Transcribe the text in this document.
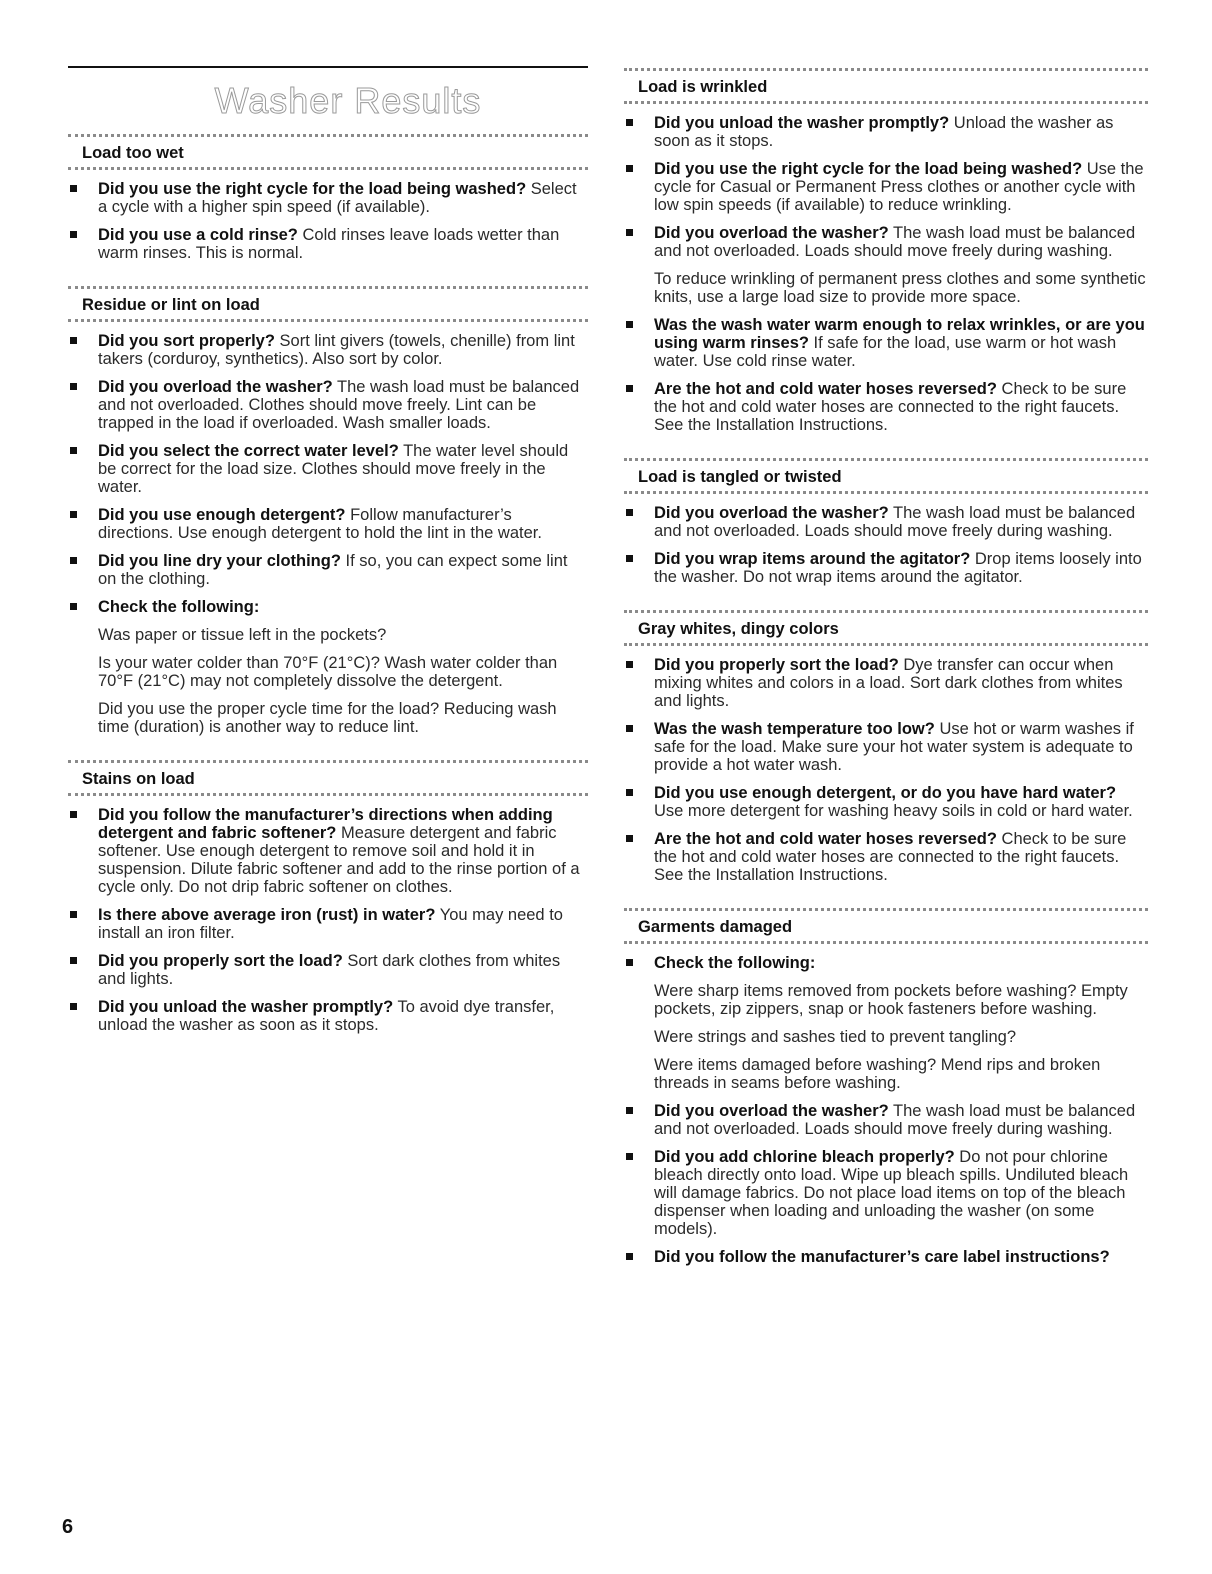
Washer Results
Load too wet
Did you use the right cycle for the load being washed? Select a cycle with a higher spin speed (if available).
Did you use a cold rinse? Cold rinses leave loads wetter than warm rinses. This is normal.
Residue or lint on load
Did you sort properly? Sort lint givers (towels, chenille) from lint takers (corduroy, synthetics). Also sort by color.
Did you overload the washer? The wash load must be balanced and not overloaded. Clothes should move freely. Lint can be trapped in the load if overloaded. Wash smaller loads.
Did you select the correct water level? The water level should be correct for the load size. Clothes should move freely in the water.
Did you use enough detergent? Follow manufacturer’s directions. Use enough detergent to hold the lint in the water.
Did you line dry your clothing? If so, you can expect some lint on the clothing.
Check the following:

Was paper or tissue left in the pockets?

Is your water colder than 70°F (21°C)? Wash water colder than 70°F (21°C) may not completely dissolve the detergent.

Did you use the proper cycle time for the load? Reducing wash time (duration) is another way to reduce lint.

Stains on load
Did you follow the manufacturer’s directions when adding detergent and fabric softener? Measure detergent and fabric softener. Use enough detergent to remove soil and hold it in suspension. Dilute fabric softener and add to the rinse portion of a cycle only. Do not drip fabric softener on clothes.
Is there above average iron (rust) in water? You may need to install an iron filter.
Did you properly sort the load? Sort dark clothes from whites and lights.
Did you unload the washer promptly? To avoid dye transfer, unload the washer as soon as it stops.
Load is wrinkled
Did you unload the washer promptly? Unload the washer as soon as it stops.
Did you use the right cycle for the load being washed? Use the cycle for Casual or Permanent Press clothes or another cycle with low spin speeds (if available) to reduce wrinkling.
Did you overload the washer? The wash load must be balanced and not overloaded. Loads should move freely during washing.

To reduce wrinkling of permanent press clothes and some synthetic knits, use a large load size to provide more space.

Was the wash water warm enough to relax wrinkles, or are you using warm rinses? If safe for the load, use warm or hot wash water. Use cold rinse water.
Are the hot and cold water hoses reversed? Check to be sure the hot and cold water hoses are connected to the right faucets. See the Installation Instructions.
Load is tangled or twisted
Did you overload the washer? The wash load must be balanced and not overloaded. Loads should move freely during washing.
Did you wrap items around the agitator? Drop items loosely into the washer. Do not wrap items around the agitator.
Gray whites, dingy colors
Did you properly sort the load? Dye transfer can occur when mixing whites and colors in a load. Sort dark clothes from whites and lights.
Was the wash temperature too low? Use hot or warm washes if safe for the load. Make sure your hot water system is adequate to provide a hot water wash.
Did you use enough detergent, or do you have hard water? Use more detergent for washing heavy soils in cold or hard water.
Are the hot and cold water hoses reversed? Check to be sure the hot and cold water hoses are connected to the right faucets. See the Installation Instructions.
Garments damaged
Check the following:

Were sharp items removed from pockets before washing? Empty pockets, zip zippers, snap or hook fasteners before washing.

Were strings and sashes tied to prevent tangling?

Were items damaged before washing? Mend rips and broken threads in seams before washing.

Did you overload the washer? The wash load must be balanced and not overloaded. Loads should move freely during washing.
Did you add chlorine bleach properly? Do not pour chlorine bleach directly onto load. Wipe up bleach spills. Undiluted bleach will damage fabrics. Do not place load items on top of the bleach dispenser when loading and unloading the washer (on some models).
Did you follow the manufacturer’s care label instructions?
6
